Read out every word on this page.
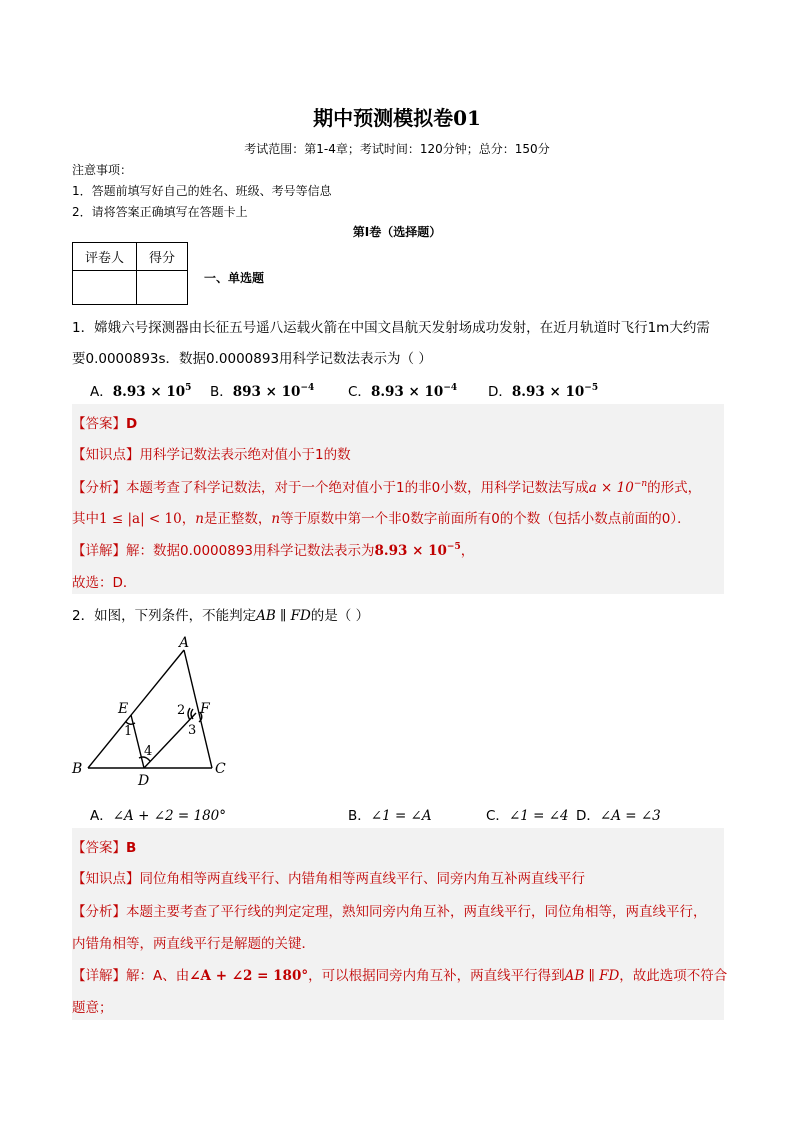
期中预测模拟卷01
考试范围：第1-4章；考试时间：120分钟；总分：150分
注意事项：
1．答题前填写好自己的姓名、班级、考号等信息
2．请将答案正确填写在答题卡上
第I卷（选择题）
评卷人	得分

一、单选题
1．嫦娥六号探测器由长征五号遥八运载火箭在中国文昌航天发射场成功发射，在近月轨道时飞行1m大约需
要0.0000893s．数据0.0000893用科学记数法表示为（ ）
A．$8.93 \times 10^5$ B．$893 \times 10^{-4}$ C．$8.93 \times 10^{-4}$ D．$8.93 \times 10^{-5}$
【答案】D
【知识点】用科学记数法表示绝对值小于1的数
【分析】本题考查了科学记数法，对于一个绝对值小于1的非0小数，用科学记数法写成$a \times 10^{-n}$的形式，
其中1 ≤ |a| < 10，n是正整数，n等于原数中第一个非0数字前面所有0的个数（包括小数点前面的0）．
【详解】解：数据0.0000893用科学记数法表示为$8.93 \times 10^{-5}$，
故选：D．
2．如图，下列条件，不能判定AB ∥ FD的是（ ）
A
B	C
D
E	F
1
2
3
4
A．∠A + ∠2 = 180°	B．∠1 = ∠A	C．∠1 = ∠4 D．∠A = ∠3
【答案】B
【知识点】同位角相等两直线平行、内错角相等两直线平行、同旁内角互补两直线平行
【分析】本题主要考查了平行线的判定定理，熟知同旁内角互补，两直线平行，同位角相等，两直线平行，
内错角相等，两直线平行是解题的关键．
【详解】解：A、由∠A + ∠2 = 180°，可以根据同旁内角互补，两直线平行得到AB ∥ FD，故此选项不符合
题意；
